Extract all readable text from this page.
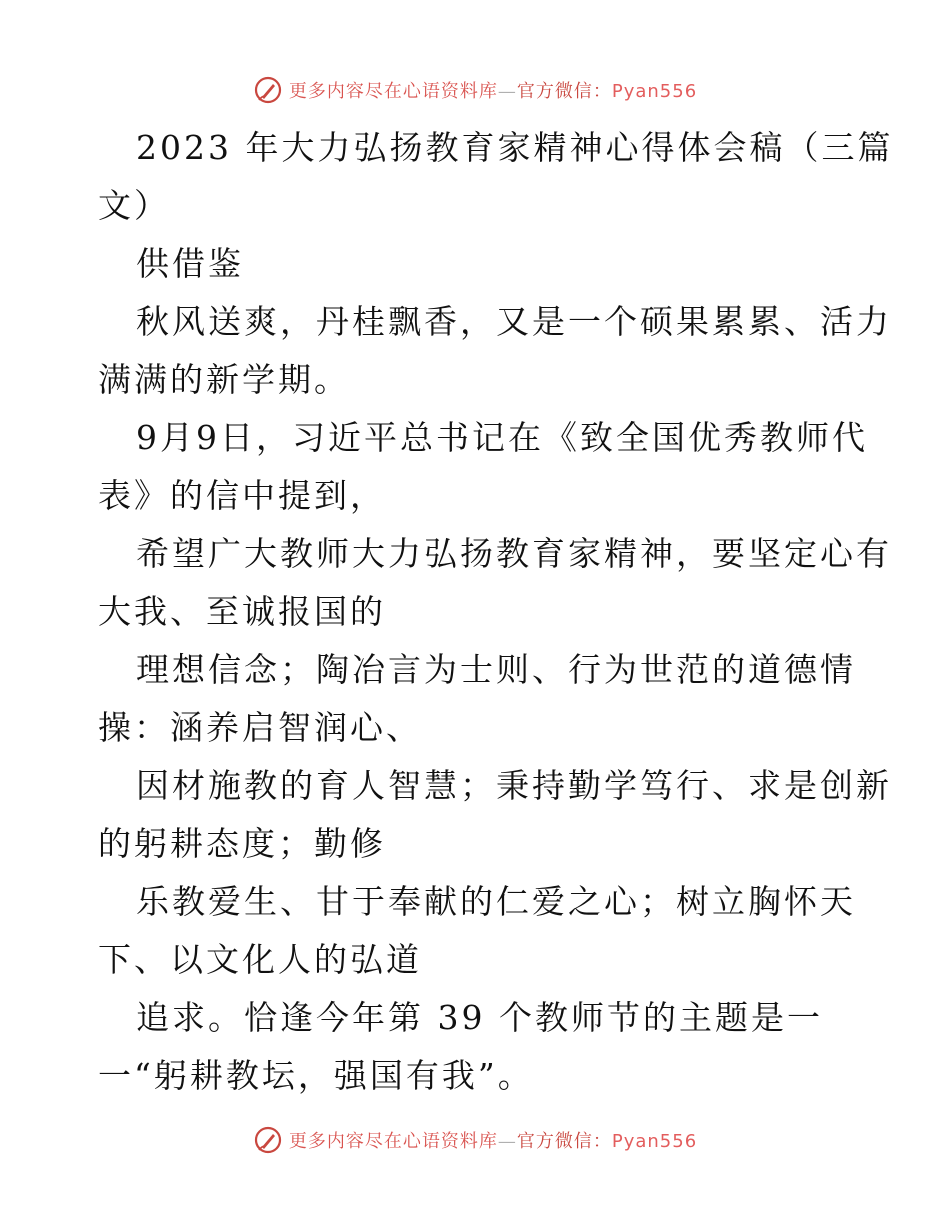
更多内容尽在心语资料库—官方微信：Pyan556
2023 年大力弘扬教育家精神心得体会稿（三篇
文）
供借鉴
秋风送爽，丹桂飘香，又是一个硕果累累、活力
满满的新学期。
9月9日，习近平总书记在《致全国优秀教师代
表》的信中提到，
希望广大教师大力弘扬教育家精神，要坚定心有
大我、至诚报国的
理想信念；陶冶言为士则、行为世范的道德情
操：涵养启智润心、
因材施教的育人智慧；秉持勤学笃行、求是创新
的躬耕态度；勤修
乐教爱生、甘于奉献的仁爱之心；树立胸怀天
下、以文化人的弘道
追求。恰逢今年第 39 个教师节的主题是一
一“躬耕教坛，强国有我”。
更多内容尽在心语资料库—官方微信：Pyan556
